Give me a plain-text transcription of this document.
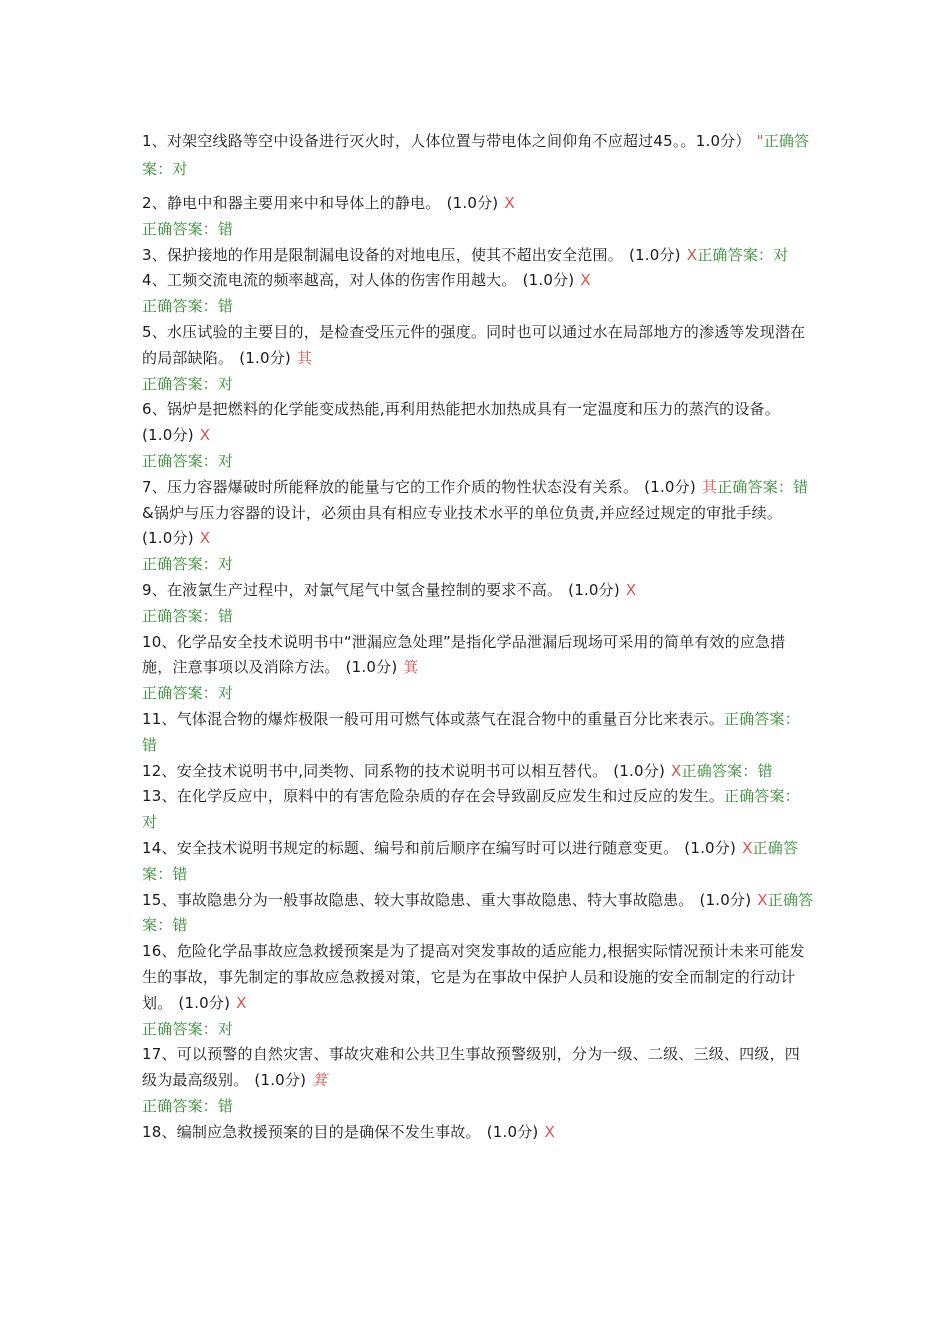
1、对架空线路等空中设备进行灭火时，人体位置与带电体之间仰角不应超过45。。1.0分） "正确答案：对

2、静电中和器主要用来中和导体上的静电。 (1.0分) X
正确答案：错

3、保护接地的作用是限制漏电设备的对地电压，使其不超出安全范围。 (1.0分) X正确答案：对

4、工频交流电流的频率越高，对人体的伤害作用越大。 (1.0分) X
正确答案：错

5、水压试验的主要目的，是检查受压元件的强度。同时也可以通过水在局部地方的渗透等发现潜在的局部缺陷。 (1.0分) 其
正确答案：对

6、锅炉是把燃料的化学能变成热能,再利用热能把水加热成具有一定温度和压力的蒸汽的设备。(1.0分) X
正确答案：对

7、压力容器爆破时所能释放的能量与它的工作介质的物性状态没有关系。 (1.0分) 其正确答案：错

&锅炉与压力容器的设计，必须由具有相应专业技术水平的单位负责,并应经过规定的审批手续。(1.0分) X
正确答案：对

9、在液氯生产过程中，对氯气尾气中氢含量控制的要求不高。 (1.0分) X
正确答案：错

10、化学品安全技术说明书中“泄漏应急处理”是指化学品泄漏后现场可采用的简单有效的应急措施，注意事项以及消除方法。 (1.0分) 箕
正确答案：对

11、气体混合物的爆炸极限一般可用可燃气体或蒸气在混合物中的重量百分比来表示。正确答案：错

12、安全技术说明书中,同类物、同系物的技术说明书可以相互替代。 (1.0分) X正确答案：错

13、在化学反应中，原料中的有害危险杂质的存在会导致副反应发生和过反应的发生。正确答案：对

14、安全技术说明书规定的标题、编号和前后顺序在编写时可以进行随意变更。 (1.0分) X正确答案：错

15、事故隐患分为一般事故隐患、较大事故隐患、重大事故隐患、特大事故隐患。 (1.0分) X正确答案：错

16、危险化学品事故应急救援预案是为了提高对突发事故的适应能力,根据实际情况预计未来可能发生的事故，事先制定的事故应急救援对策，它是为在事故中保护人员和设施的安全而制定的行动计划。 (1.0分) X
正确答案：对

17、可以预警的自然灾害、事故灾难和公共卫生事故预警级别，分为一级、二级、三级、四级，四级为最高级别。 (1.0分) 箕
正确答案：错

18、编制应急救援预案的目的是确保不发生事故。 (1.0分) X
